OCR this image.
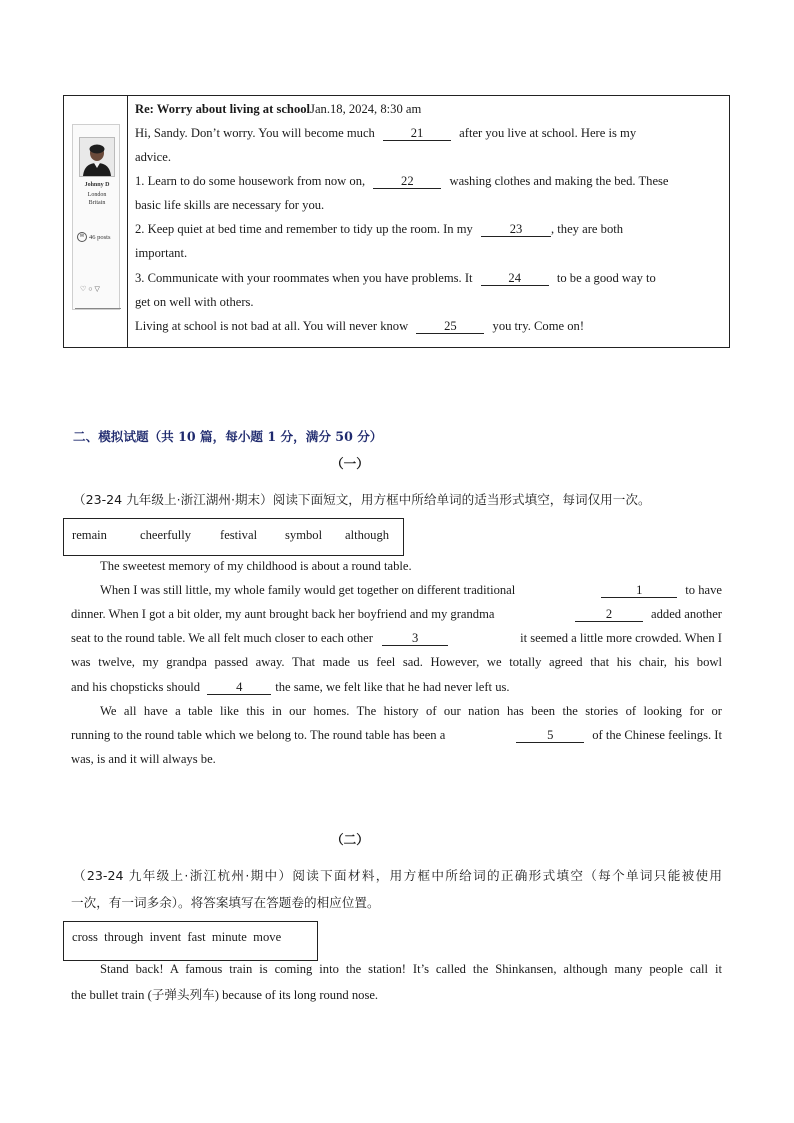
Johnny D
London
Britain
✉ 46 posts
♡○▽
Re: Worry about living at schoolJan.18, 2024, 8:30 am
Hi, Sandy. Don’t worry. You will become much	21	after you live at school. Here is my
advice.
1. Learn to do some housework from now on,	22	washing clothes and making the bed. These
basic life skills are necessary for you.
2. Keep quiet at bed time and remember to tidy up the room. In my	23 , they are both
important.
3. Communicate with your roommates when you have problems. It	24	to be a good way to
get on well with others.
Living at school is not bad at all. You will never know	25	you try. Come on!
二、模拟试题（共 10 篇，每小题 1 分，满分 50 分）
（一）
（23-24 九年级上·浙江湖州·期末）阅读下面短文，用方框中所给单词的适当形式填空，每词仅用一次。
remain	cheerfully festival symbol although
The sweetest memory of my childhood is about a round table.
When I was still little, my whole family would get together on different traditional	1	to have
dinner. When I got a bit older, my aunt brought back her boyfriend and my grandma	2	added another
seat to the round table. We all felt much closer to each other	3	it seemed a little more crowded. When I
was twelve, my grandpa passed away. That made us feel sad. However, we totally agreed that his chair, his bowl
and his chopsticks should	4	the same, we felt like that he had never left us.
We all have a table like this in our homes. The history of our nation has been the stories of looking for or
running to the round table which we belong to. The round table has been a	5	of the Chinese feelings. It
was, is and it will always be.
（二）
（23-24 九年级上·浙江杭州·期中）阅读下面材料，用方框中所给词的正确形式填空（每个单词只能被使用
一次，有一词多余）。将答案填写在答题卷的相应位置。
cross  through  invent  fast  minute  move
Stand back! A famous train is coming into the station! It’s called the Shinkansen, although many people call it
the bullet train (子弹头列车) because of its long round nose.
